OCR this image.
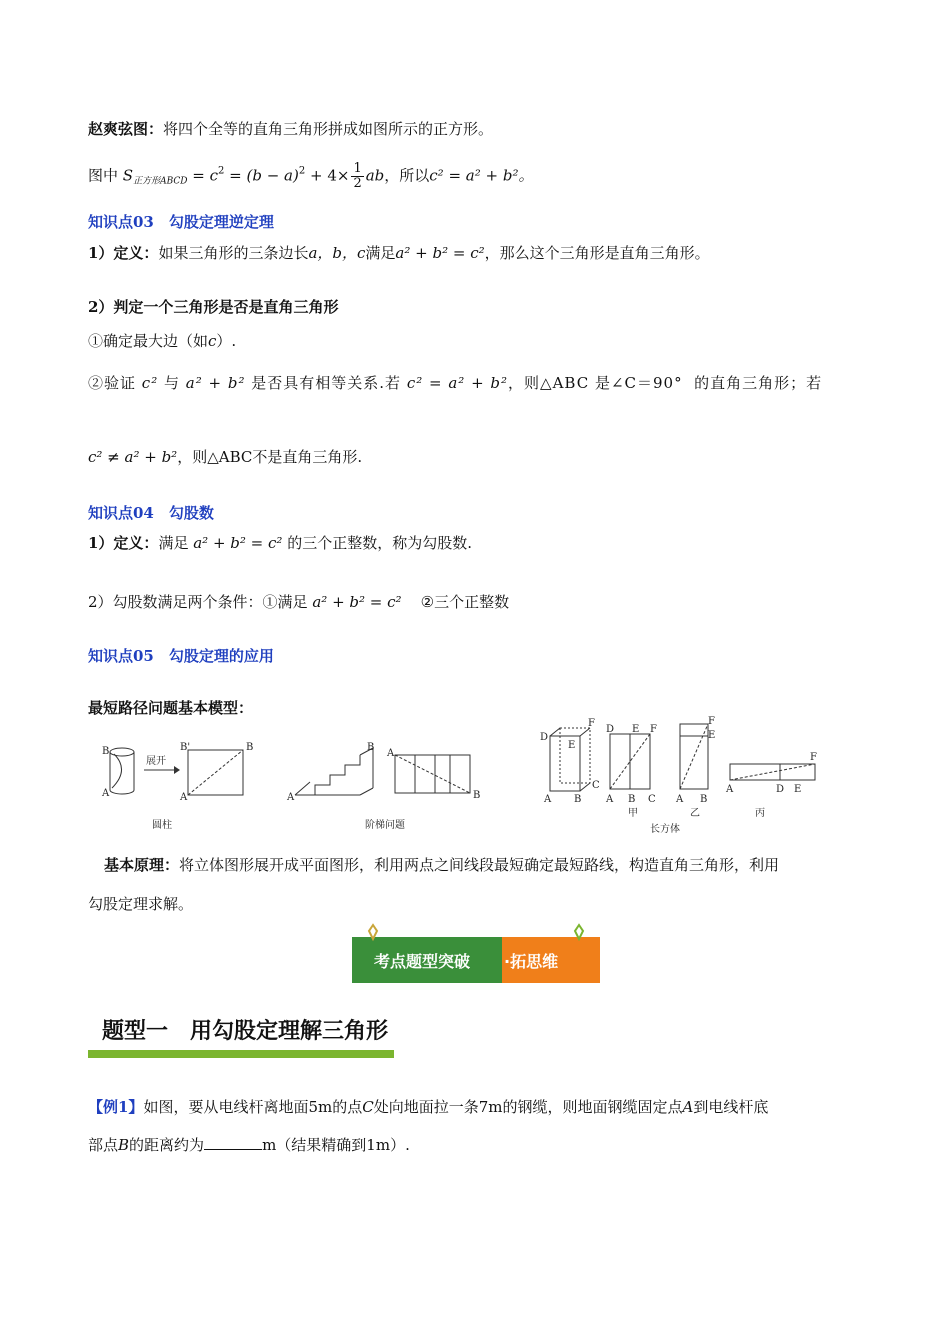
赵爽弦图：将四个全等的直角三角形拼成如图所示的正方形。
图中 $S_{正方形ABCD} = c^2 = (b - a)^2 + 4\times \frac{1}{2}$ ab，所以c² = a² + b²。
知识点03　勾股定理逆定理
1）定义：如果三角形的三条边长a，b，c满足a² + b² = c²，那么这个三角形是直角三角形。
2）判定一个三角形是否是直角三角形
①确定最大边（如c）.
②验证 c² 与 a² + b² 是否具有相等关系.若 c² = a² + b²，则△ABC 是∠C＝90° 的直角三角形；若
c² ≠ a² + b²，则△ABC不是直角三角形.
知识点04　勾股数
1）定义：满足 a² + b² = c² 的三个正整数，称为勾股数.
2）勾股数满足两个条件：①满足 a² + b² = c² ②三个正整数
知识点05　勾股定理的应用
最短路径问题基本模型：
B
A
展开
B'	B
A
圆柱
A
B
A
B
阶梯问题
D
F
E
A B
C
D E F
A B C
甲
F
E
A B
乙
F
A	D E
丙
长方体
基本原理：将立体图形展开成平面图形，利用两点之间线段最短确定最短路线，构造直角三角形，利用
勾股定理求解。
考点题型突破 ·拓思维
题型一　用勾股定理解三角形
【例1】如图，要从电线杆离地面5m的点C处向地面拉一条7m的钢缆，则地面钢缆固定点A到电线杆底
部点B的距离约为	m（结果精确到1m）.
